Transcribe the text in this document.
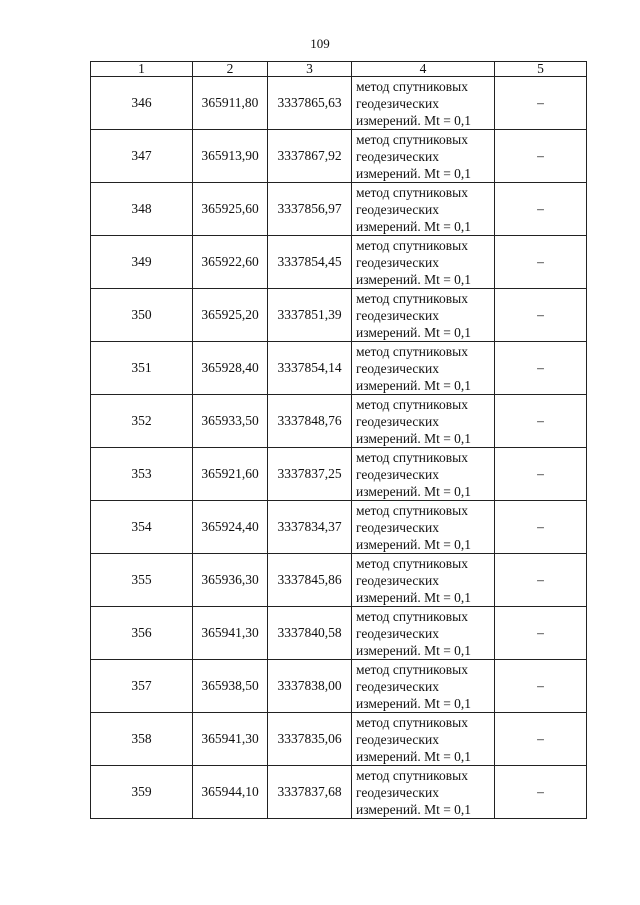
109
1	2	3	4	5
346	365911,80	3337865,63	метод спутниковых
геодезических
измерений. Mt = 0,1	–
347	365913,90	3337867,92	метод спутниковых
геодезических
измерений. Mt = 0,1	–
348	365925,60	3337856,97	метод спутниковых
геодезических
измерений. Mt = 0,1	–
349	365922,60	3337854,45	метод спутниковых
геодезических
измерений. Mt = 0,1	–
350	365925,20	3337851,39	метод спутниковых
геодезических
измерений. Mt = 0,1	–
351	365928,40	3337854,14	метод спутниковых
геодезических
измерений. Mt = 0,1	–
352	365933,50	3337848,76	метод спутниковых
геодезических
измерений. Mt = 0,1	–
353	365921,60	3337837,25	метод спутниковых
геодезических
измерений. Mt = 0,1	–
354	365924,40	3337834,37	метод спутниковых
геодезических
измерений. Mt = 0,1	–
355	365936,30	3337845,86	метод спутниковых
геодезических
измерений. Mt = 0,1	–
356	365941,30	3337840,58	метод спутниковых
геодезических
измерений. Mt = 0,1	–
357	365938,50	3337838,00	метод спутниковых
геодезических
измерений. Mt = 0,1	–
358	365941,30	3337835,06	метод спутниковых
геодезических
измерений. Mt = 0,1	–
359	365944,10	3337837,68	метод спутниковых
геодезических
измерений. Mt = 0,1	–
